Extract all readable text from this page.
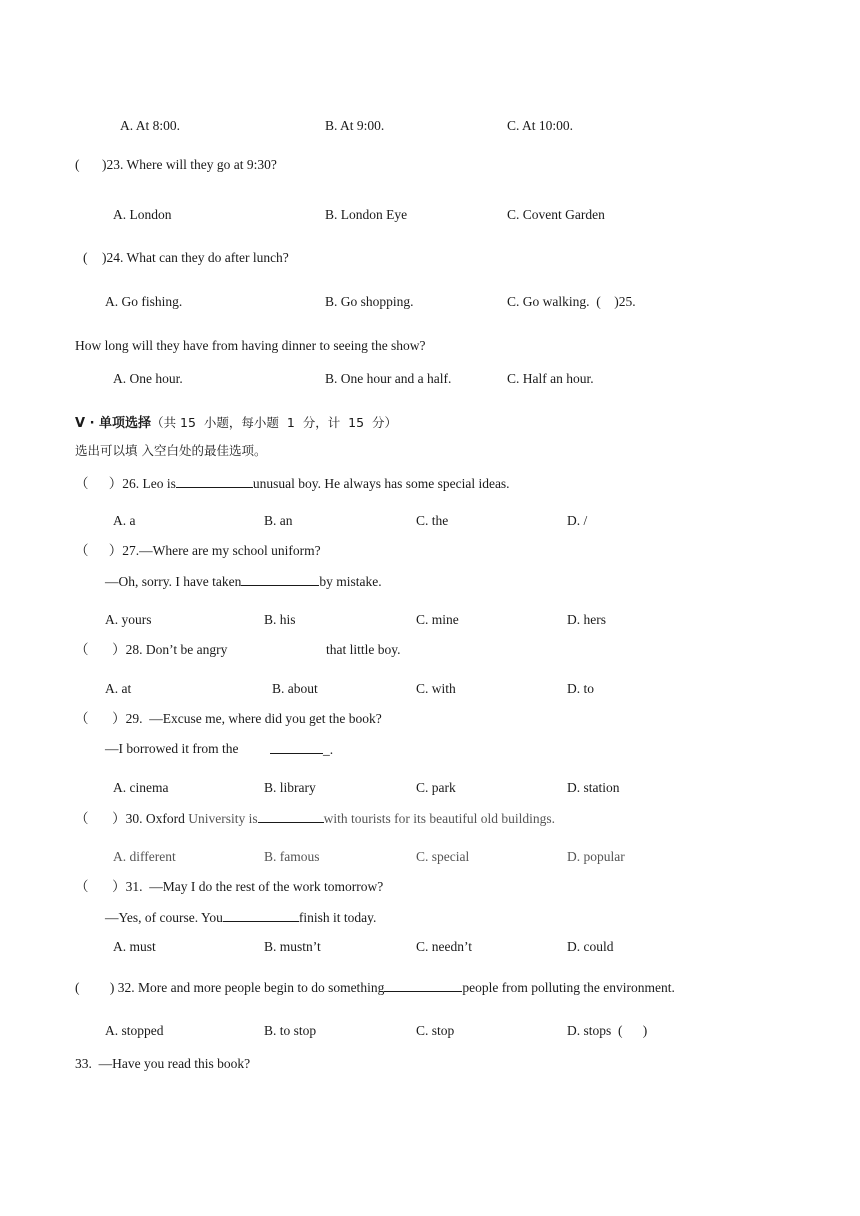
A. At 8:00.	B. At 9:00.	C. At 10:00.
( )23. Where will they go at 9:30?
A. London	B. London Eye	C. Covent Garden
( )24. What can they do after lunch?
A. Go fishing.	B. Go shopping.	C. Go walking.  (    )25.
How long will they have from having dinner to seeing the show?
A. One hour.	B. One hour and a half.	C. Half an hour.
V · 单项选择（共 15  小题，每小题  1  分，计  15  分）
选出可以填 入空白处的最佳选项。
（      ）26. Leo is	unusual boy. He always has some special ideas.
A. a	B. an	C. the	D. /
（      ）27.—Where are my school uniform?
—Oh, sorry. I have taken	by mistake.
A. yours	B. his	C. mine	D. hers
（       ）28. Don’t be angry	that little boy.
A. at	B. about	C. with	D. to
（       ）29.  —Excuse me, where did you get the book?
—I borrowed it from the	_.
A. cinema	B. library	C. park	D. station
（       ）30. Oxford University is	with tourists for its beautiful old buildings.
A. different	B. famous	C. special	D. popular
（       ）31.  —May I do the rest of the work tomorrow?
—Yes, of course. You	finish it today.
A. must	B. mustn’t	C. needn’t	D. could
(         ) 32. More and more people begin to do something	people from polluting the environment.
A. stopped	B. to stop	C. stop	D. stops  (      )
33.  —Have you read this book?
